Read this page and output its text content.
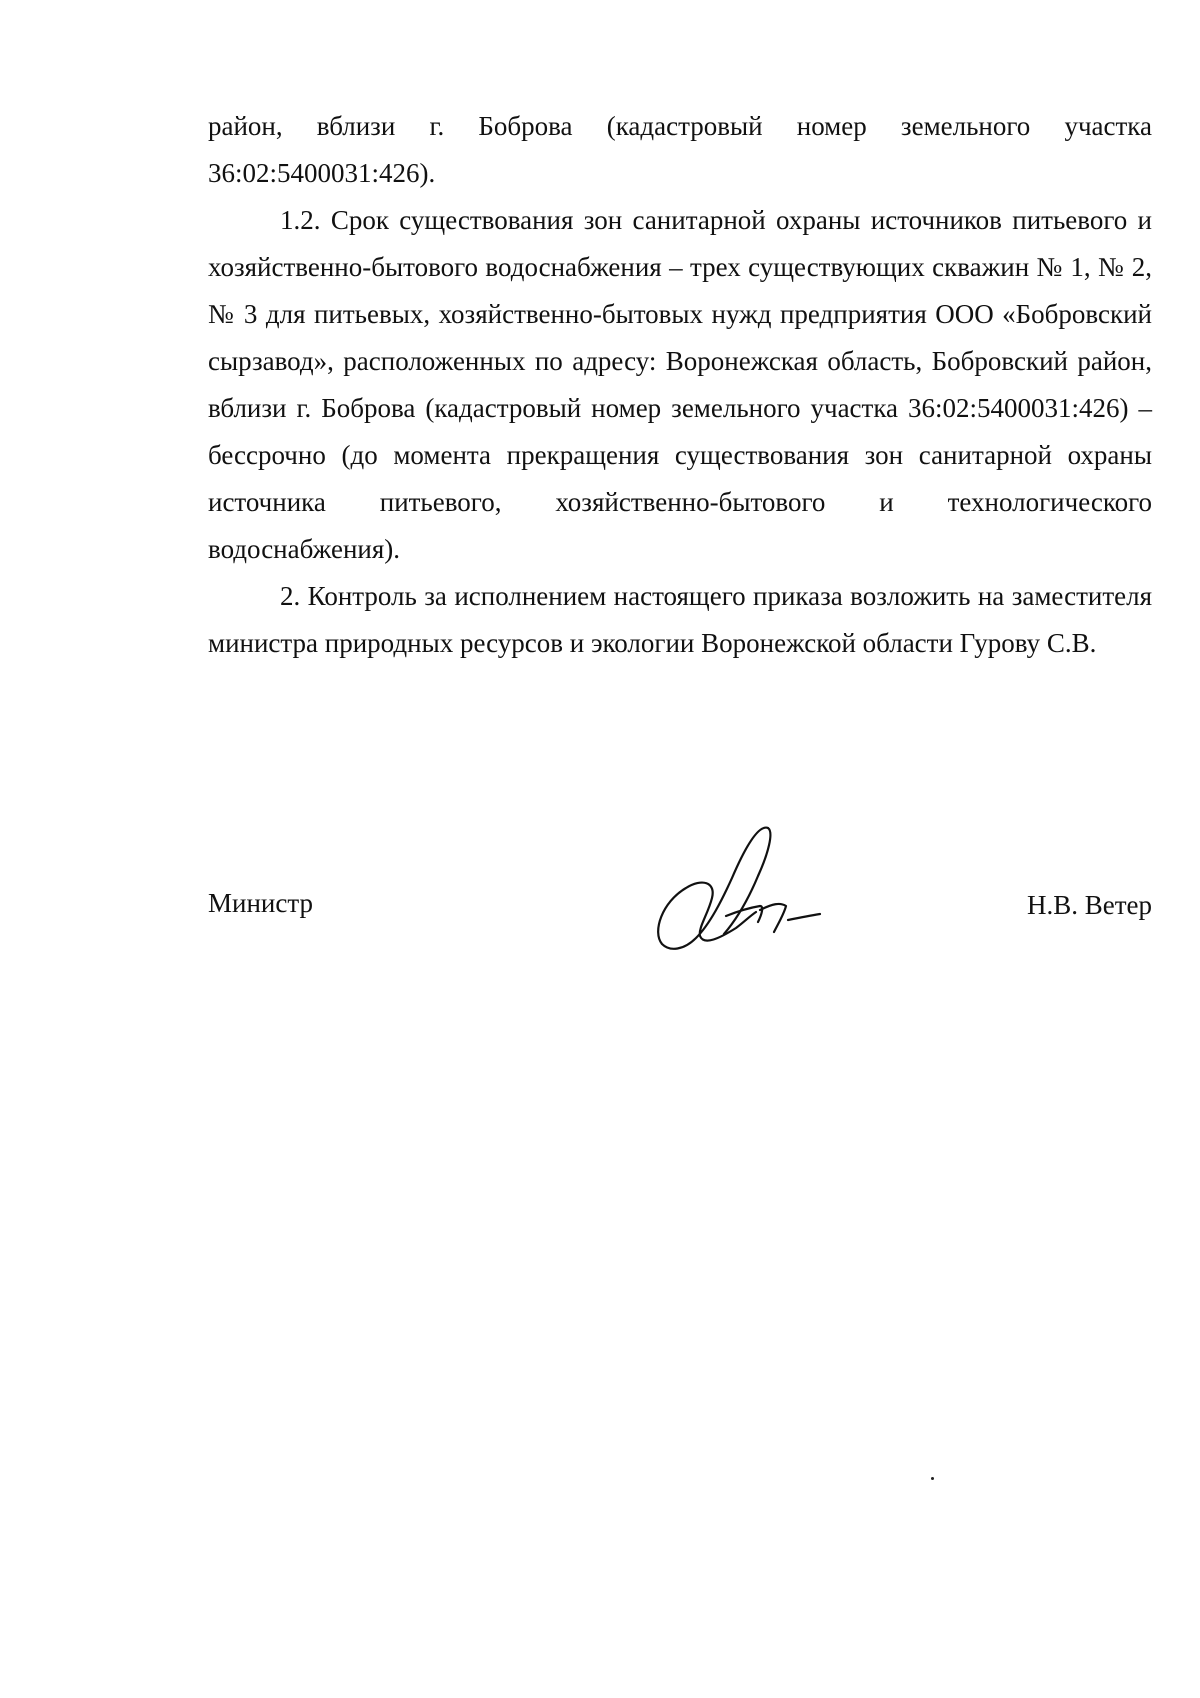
район, вблизи г. Боброва (кадастровый номер земельного участка 36:02:5400031:426).

1.2. Срок существования зон санитарной охраны источников питьевого и хозяйственно-бытового водоснабжения – трех существующих скважин № 1, № 2, № 3 для питьевых, хозяйственно-бытовых нужд предприятия ООО «Бобровский сырзавод», расположенных по адресу: Воронежская область, Бобровский район, вблизи г. Боброва (кадастровый номер земельного участка 36:02:5400031:426) – бессрочно (до момента прекращения существования зон санитарной охраны источника питьевого, хозяйственно-бытового и технологического водоснабжения).

2. Контроль за исполнением настоящего приказа возложить на заместителя министра природных ресурсов и экологии Воронежской области Гурову С.В.

Министр	Н.В. Ветер
